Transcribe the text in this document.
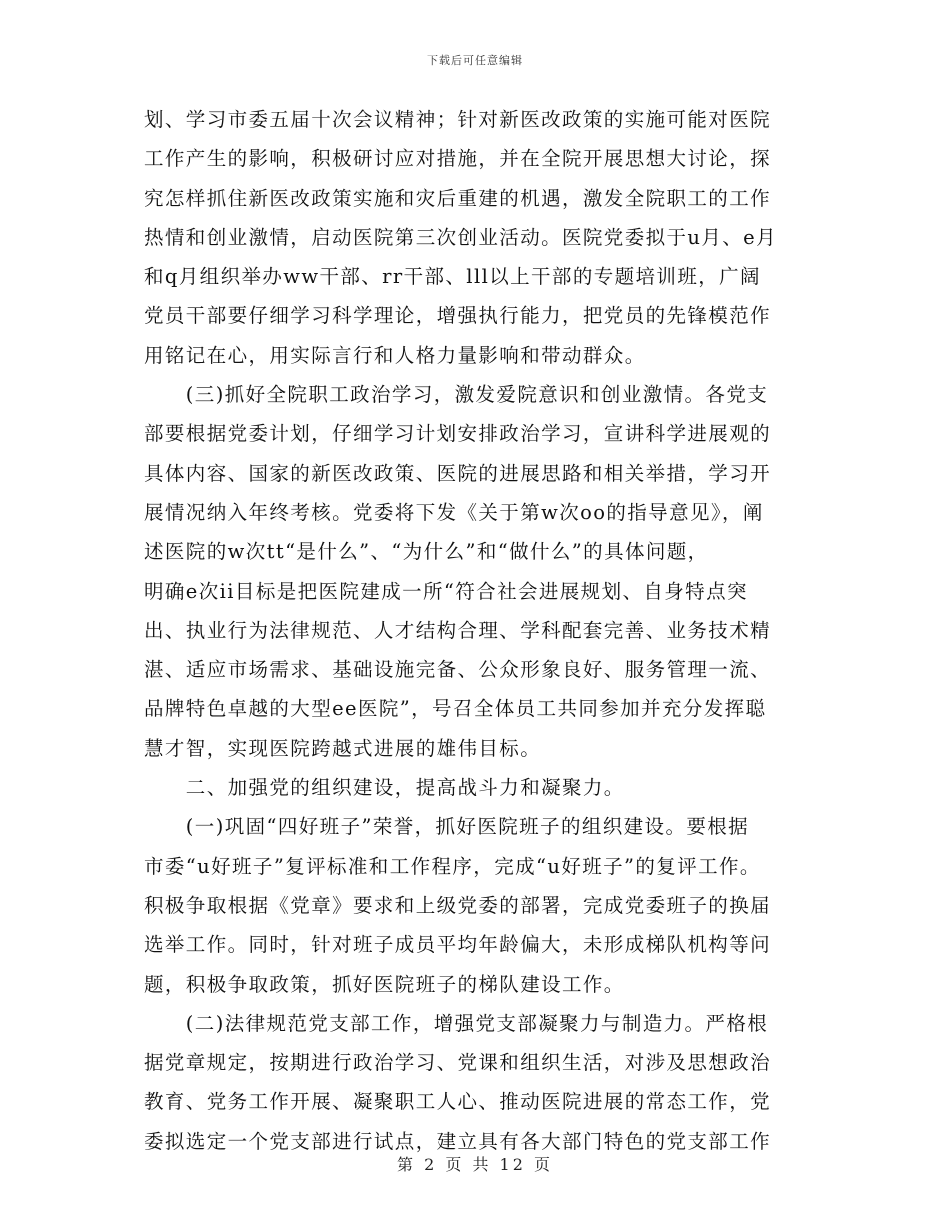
下载后可任意编辑
划、学习市委五届十次会议精神；针对新医改政策的实施可能对医院
工作产生的影响，积极研讨应对措施，并在全院开展思想大讨论，探
究怎样抓住新医改政策实施和灾后重建的机遇，激发全院职工的工作
热情和创业激情，启动医院第三次创业活动。医院党委拟于u月、e月
和q月组织举办ww干部、rr干部、lll以上干部的专题培训班，广阔
党员干部要仔细学习科学理论，增强执行能力，把党员的先锋模范作
用铭记在心，用实际言行和人格力量影响和带动群众。
　　(三)抓好全院职工政治学习，激发爱院意识和创业激情。各党支
部要根据党委计划，仔细学习计划安排政治学习，宣讲科学进展观的
具体内容、国家的新医改政策、医院的进展思路和相关举措，学习开
展情况纳入年终考核。党委将下发《关于第w次oo的指导意见》，阐
述医院的w次tt“是什么”、“为什么”和“做什么”的具体问题，
明确e次ii目标是把医院建成一所“符合社会进展规划、自身特点突
出、执业行为法律规范、人才结构合理、学科配套完善、业务技术精
湛、适应市场需求、基础设施完备、公众形象良好、服务管理一流、
品牌特色卓越的大型ee医院”，号召全体员工共同参加并充分发挥聪
慧才智，实现医院跨越式进展的雄伟目标。
　　二、加强党的组织建设，提高战斗力和凝聚力。
　　(一)巩固“四好班子”荣誉，抓好医院班子的组织建设。要根据
市委“u好班子”复评标准和工作程序，完成“u好班子”的复评工作。
积极争取根据《党章》要求和上级党委的部署，完成党委班子的换届
选举工作。同时，针对班子成员平均年龄偏大，未形成梯队机构等问
题，积极争取政策，抓好医院班子的梯队建设工作。
　　(二)法律规范党支部工作，增强党支部凝聚力与制造力。严格根
据党章规定，按期进行政治学习、党课和组织生活，对涉及思想政治
教育、党务工作开展、凝聚职工人心、推动医院进展的常态工作，党
委拟选定一个党支部进行试点，建立具有各大部门特色的党支部工作
第 2 页 共 12 页
